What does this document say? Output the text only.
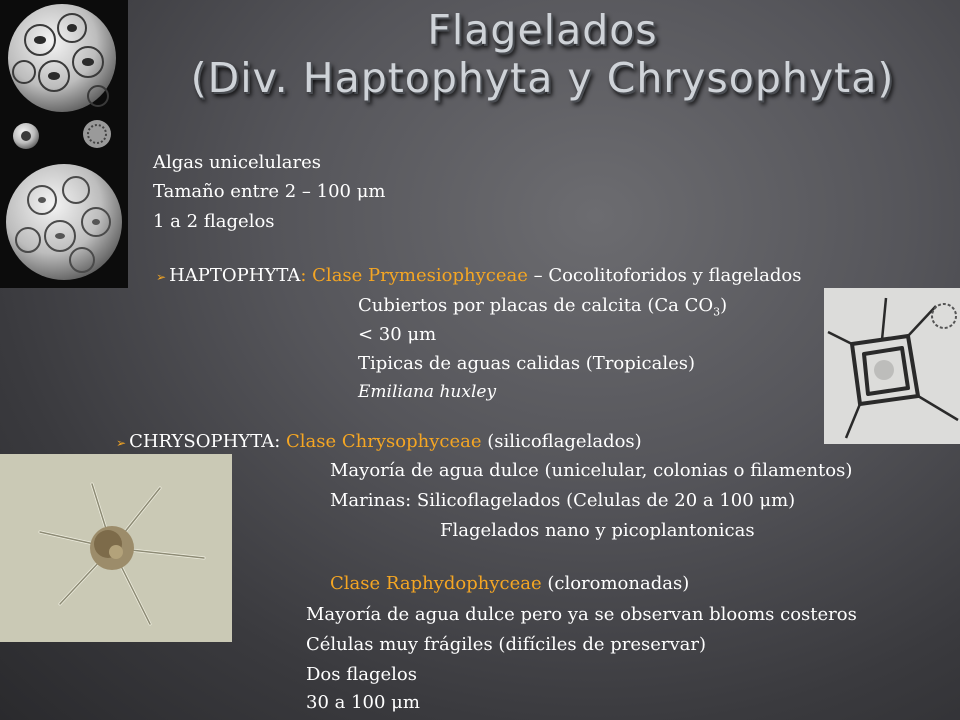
Flagelados
(Div. Haptophyta y Chrysophyta)
Algas unicelulares
Tamaño entre 2 – 100 μm
1 a 2 flagelos
➢ HAPTOPHYTA: Clase Prymesiophyceae – Cocolitoforidos y flagelados
Cubiertos por placas de calcita (Ca $CO_3$)
< 30 μm
Tipicas de aguas calidas (Tropicales)
Emiliana huxley
➢ CHRYSOPHYTA: Clase Chrysophyceae (silicoflagelados)
Mayoría de agua dulce (unicelular, colonias o filamentos)
Marinas: Silicoflagelados (Celulas de 20 a 100 μm)
Flagelados nano y picoplantonicas
Clase Raphydophyceae (cloromonadas)
Mayoría de agua dulce pero ya se observan blooms costeros
Células muy frágiles (difíciles de preservar)
Dos flagelos
30 a 100 μm
